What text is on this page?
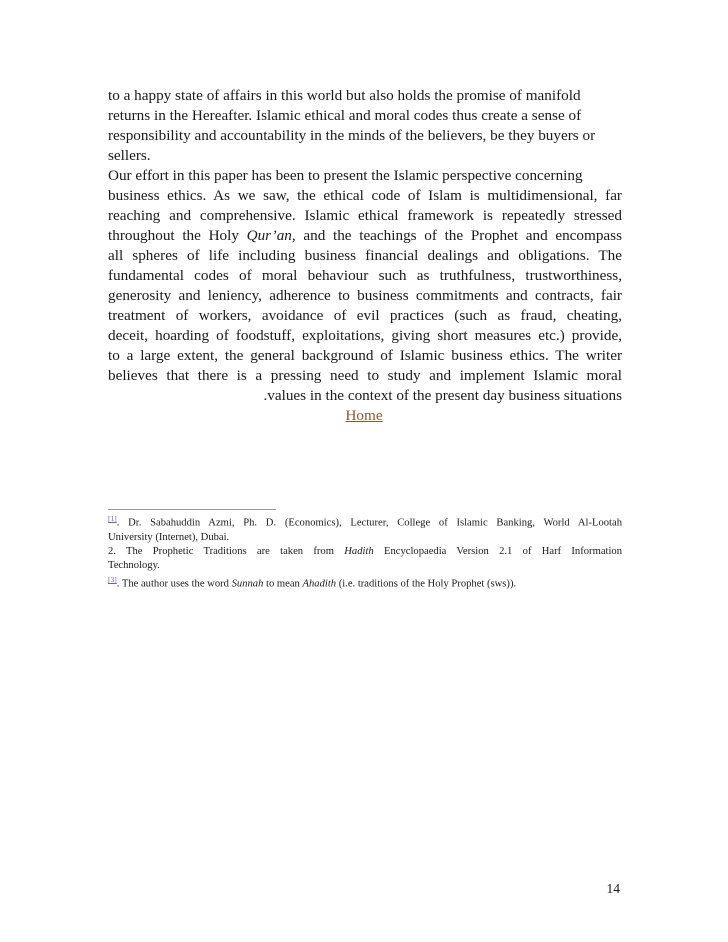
to a happy state of affairs in this world but also holds the promise of manifold
returns in the Hereafter. Islamic ethical and moral codes thus create a sense of
responsibility and accountability in the minds of the believers, be they buyers or
sellers.
Our effort in this paper has been to present the Islamic perspective concerning
business ethics. As we saw, the ethical code of Islam is multidimensional, far
reaching and comprehensive. Islamic ethical framework is repeatedly stressed
throughout the Holy Qur’an, and the teachings of the Prophet and encompass
all spheres of life including business financial dealings and obligations. The
fundamental codes of moral behaviour such as truthfulness, trustworthiness,
generosity and leniency, adherence to business commitments and contracts, fair
treatment of workers, avoidance of evil practices (such as fraud, cheating,
deceit, hoarding of foodstuff, exploitations, giving short measures etc.) provide,
to a large extent, the general background of Islamic business ethics. The writer
believes that there is a pressing need to study and implement Islamic moral
.values in the context of the present day business situations
Home
[1]. Dr. Sabahuddin Azmi, Ph. D. (Economics), Lecturer, College of Islamic Banking, World Al-Lootah
University (Internet), Dubai.
2. The Prophetic Traditions are taken from Hadith Encyclopaedia Version 2.1 of Harf Information
Technology.
[3]. The author uses the word Sunnah to mean Ahadith (i.e. traditions of the Holy Prophet (sws)).
14
